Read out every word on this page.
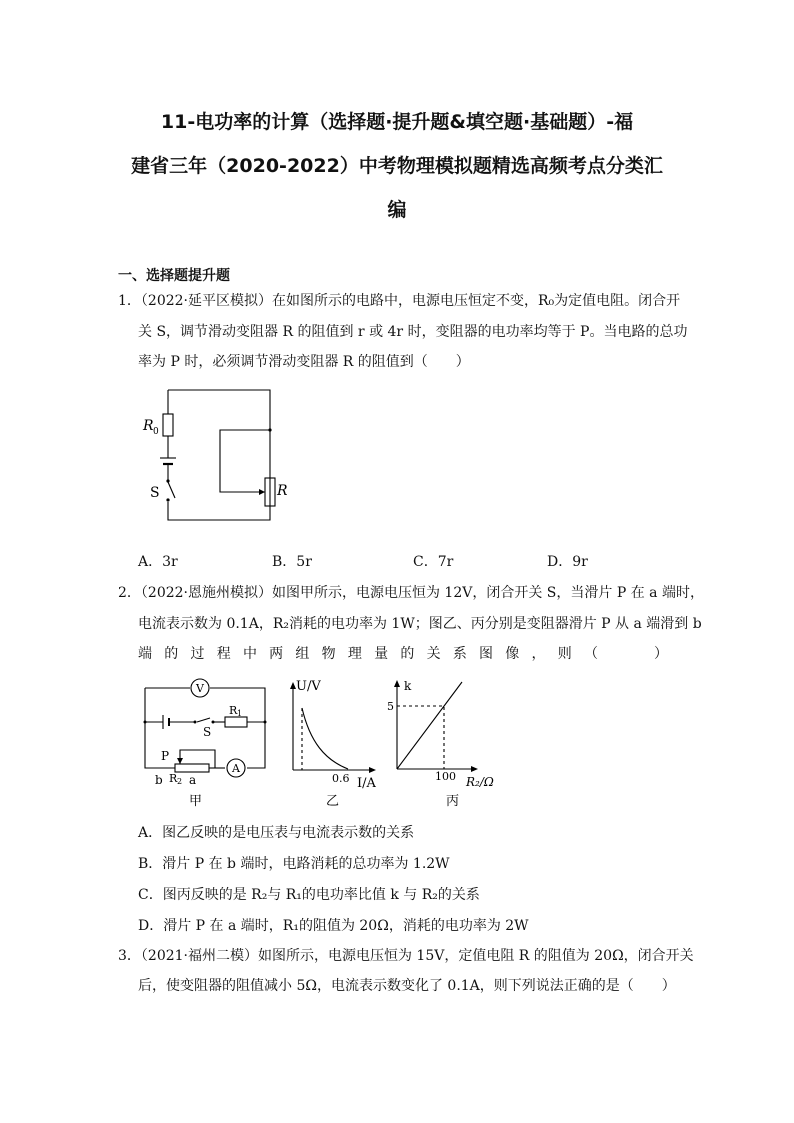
11-电功率的计算（选择题·提升题&填空题·基础题）-福
建省三年（2020-2022）中考物理模拟题精选高频考点分类汇
编
一、选择题提升题
1．（2022·延平区模拟）在如图所示的电路中，电源电压恒定不变，R₀为定值电阻。闭合开
关 S，调节滑动变阻器 R 的阻值到 r 或 4r 时，变阻器的电功率均等于 P。当电路的总功
率为 P 时，必须调节滑动变阻器 R 的阻值到（　　）
R 0
S	R
A．3r	B．5r	C．7r	D．9r
2．（2022·恩施州模拟）如图甲所示，电源电压恒为 12V，闭合开关 S，当滑片 P 在 a 端时，
电流表示数为 0.1A，R₂消耗的电功率为 1W；图乙、丙分别是变阻器滑片 P 从 a 端滑到 b
端 的 过 程 中 两 组 物 理 量 的 关 系 图 像 ， 则 （　　　　）
V
S
R 1
P
R 2
b a
A
甲
U/V
0.6 I/A
乙
k
5
100 R₂/Ω
丙
A．图乙反映的是电压表与电流表示数的关系
B．滑片 P 在 b 端时，电路消耗的总功率为 1.2W
C．图丙反映的是 R₂与 R₁的电功率比值 k 与 R₂的关系
D．滑片 P 在 a 端时，R₁的阻值为 20Ω，消耗的电功率为 2W
3．（2021·福州二模）如图所示，电源电压恒为 15V，定值电阻 R 的阻值为 20Ω，闭合开关
后，使变阻器的阻值减小 5Ω，电流表示数变化了 0.1A，则下列说法正确的是（　　）
